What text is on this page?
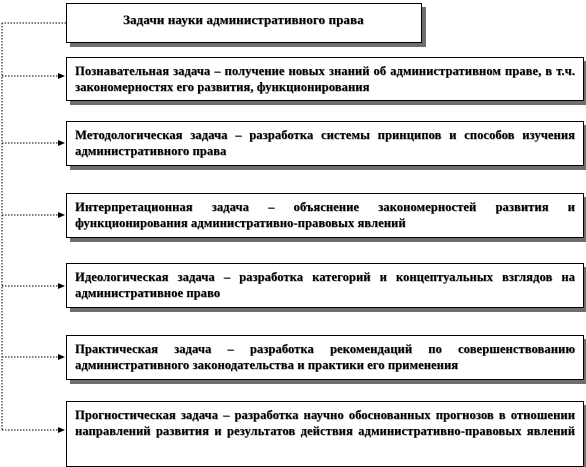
Задачи науки административного права
Познавательная задача – получение новых знаний об административном праве, в т.ч. закономерностях его развития, функционирования
Методологическая задача – разработка системы принципов и способов изучения административного права
Интерпретационная задача – объяснение закономерностей развития и функционирования административно-правовых явлений
Идеологическая задача – разработка категорий и концептуальных взглядов на административное право
Практическая задача – разработка рекомендаций по совершенствованию административного законодательства и практики его применения
Прогностическая задача – разработка научно обоснованных прогнозов в отношении направлений развития и результатов действия административно-правовых явлений
